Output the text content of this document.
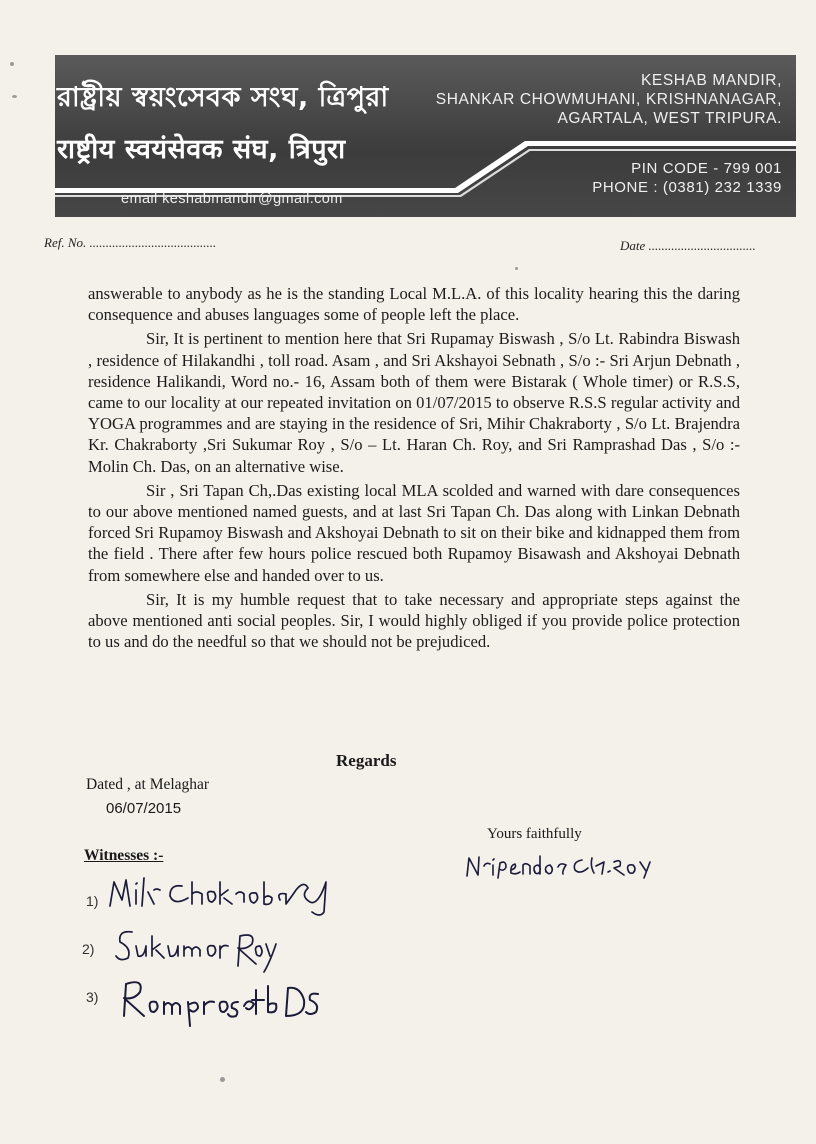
রাষ্ট্রীয় স্বয়ংসেবক সংঘ, ত্রিপুরা
राष्ट्रीय स्वयंसेवक संघ, त्रिपुरा
KESHAB MANDIR,
SHANKAR CHOWMUHANI, KRISHNANAGAR,
AGARTALA, WEST TRIPURA.
PIN CODE - 799 001
PHONE : (0381) 232 1339
email keshabmandir@gmail.com
Ref. No. .......................................	Date .................................

answerable to anybody as he is the standing Local M.L.A. of this locality hearing this the daring consequence and abuses languages some of people left the place.

Sir, It is pertinent to mention here that Sri Rupamay Biswash , S/o Lt. Rabindra Biswash , residence of Hilakandhi , toll road. Asam , and Sri Akshayoi Sebnath , S/o :- Sri Arjun Debnath , residence Halikandi, Word no.- 16, Assam both of them were Bistarak ( Whole timer) or R.S.S, came to our locality at our repeated invitation on 01/07/2015 to observe R.S.S regular activity and YOGA programmes and are staying in the residence of Sri, Mihir Chakraborty , S/o Lt. Brajendra Kr. Chakraborty ,Sri Sukumar Roy , S/o – Lt. Haran Ch. Roy, and Sri Ramprashad Das , S/o :- Molin Ch. Das, on an alternative wise.

Sir , Sri Tapan Ch,.Das existing local MLA scolded and warned with dare consequences to our above mentioned named guests, and at last Sri Tapan Ch. Das along with Linkan Debnath forced Sri Rupamoy Biswash and Akshoyai Debnath to sit on their bike and kidnapped them from the field . There after few hours police rescued both Rupamoy Bisawash and Akshoyai Debnath from somewhere else and handed over to us.

Sir, It is my humble request that to take necessary and appropriate steps against the above mentioned anti social peoples. Sir, I would highly obliged if you provide police protection to us and do the needful so that we should not be prejudiced.

Regards
Dated , at Melaghar
06/07/2015
Yours faithfully
Witnesses :-
1)
2)
3)
